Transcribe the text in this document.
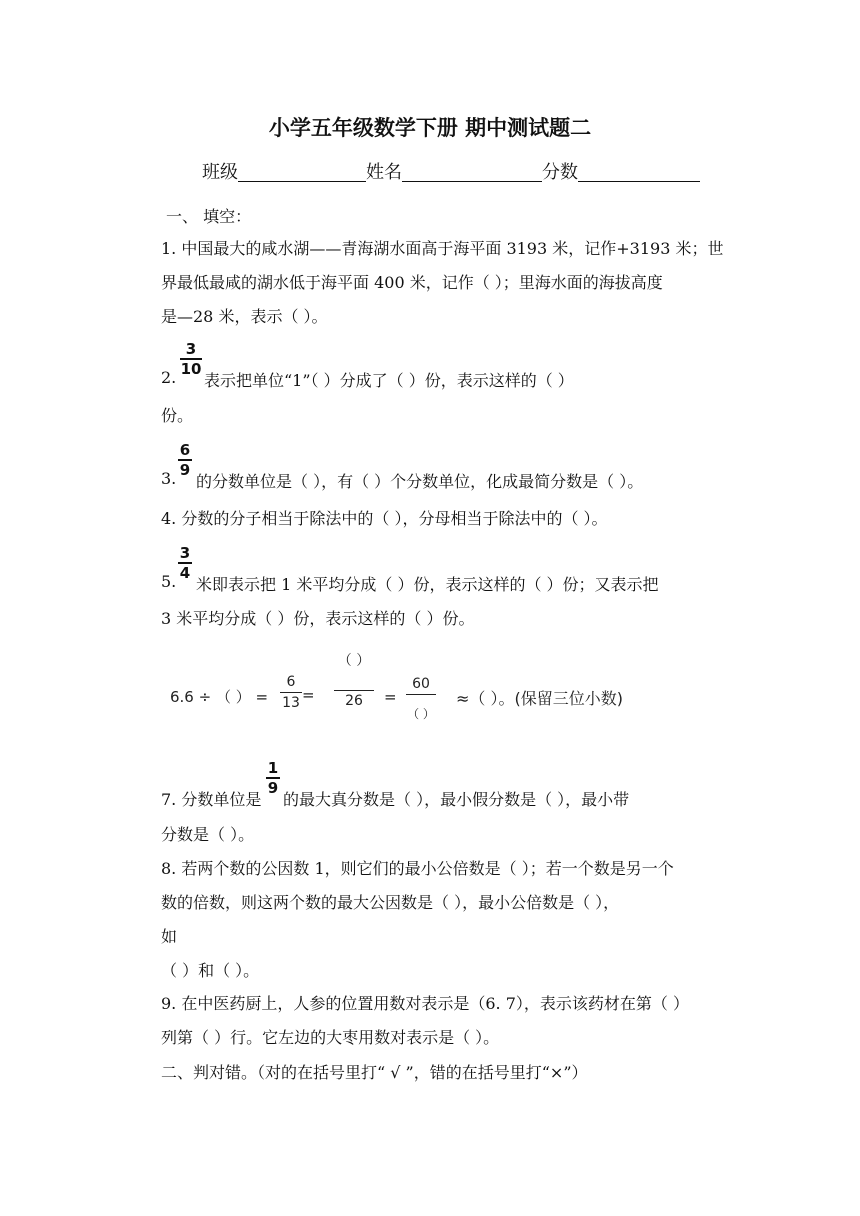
小学五年级数学下册 期中测试题二
班级	姓名	分数
一、 填空：
1. 中国最大的咸水湖——青海湖水面高于海平面 3193 米，记作+3193 米；世
界最低最咸的湖水低于海平面 400 米，记作（ ）；里海水面的海拔高度
是—28 米，表示（ ）。
2.
3
10
表示把单位“1”（ ）分成了（ ）份，表示这样的（ ）
份。
3.
6
9
的分数单位是（ ），有（ ）个分数单位，化成最简分数是（ ）。
4. 分数的分子相当于除法中的（ ），分母相当于除法中的（ ）。
5.
3
4
米即表示把 1 米平均分成（ ）份，表示这样的（ ）份；又表示把
3 米平均分成（ ）份，表示这样的（ ）份。
6.6 ÷ （ ） =
6
13 =
（ ）
26	=
60
（ ）
≈（ ）。(保留三位小数)
7. 分数单位是
1
9
的最大真分数是（ ），最小假分数是（ ），最小带
分数是（ ）。
8. 若两个数的公因数 1，则它们的最小公倍数是（ ）；若一个数是另一个
数的倍数，则这两个数的最大公因数是（ ），最小公倍数是（ ），
如
（ ）和（ ）。
9. 在中医药厨上，人参的位置用数对表示是（6. 7），表示该药材在第（ ）
列第（ ）行。它左边的大枣用数对表示是（ ）。
二、判对错。（对的在括号里打“ √ ”，错的在括号里打“×”）
